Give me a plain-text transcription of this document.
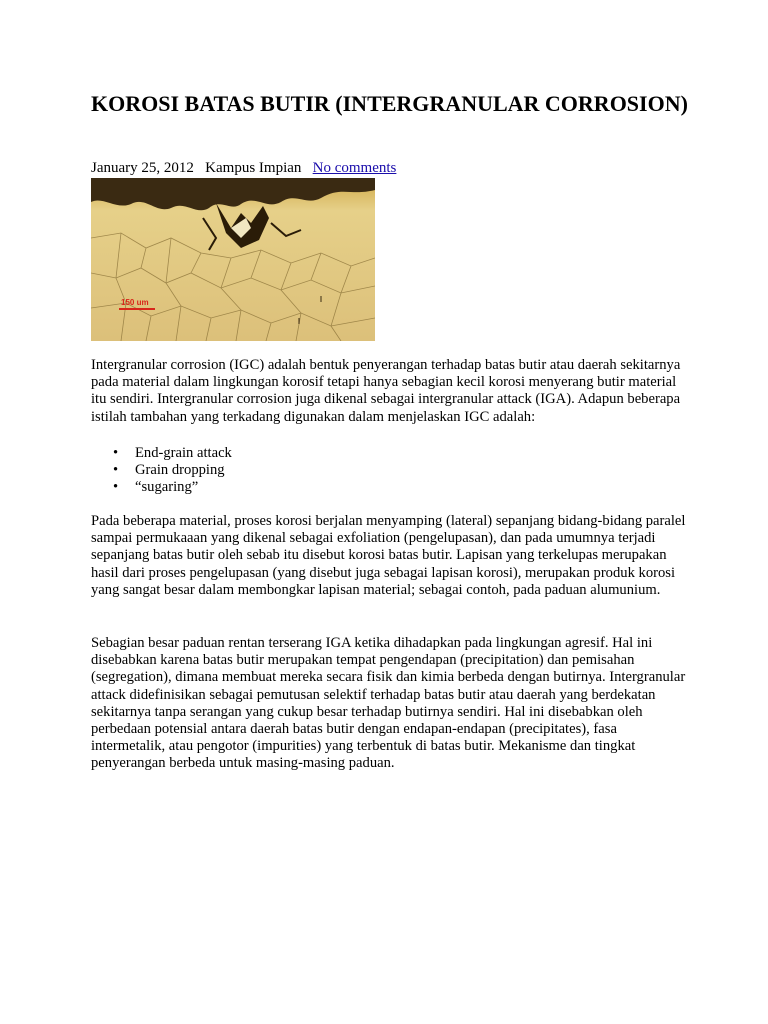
KOROSI BATAS BUTIR (INTERGRANULAR CORROSION)
January 25, 2012 Kampus Impian No comments
150 um

Intergranular corrosion (IGC) adalah bentuk penyerangan terhadap batas butir atau daerah sekitarnya pada material dalam lingkungan korosif tetapi hanya sebagian kecil korosi menyerang butir material itu sendiri. Intergranular corrosion juga dikenal sebagai intergranular attack (IGA). Adapun beberapa istilah tambahan yang terkadang digunakan dalam menjelaskan IGC adalah:

• End-grain attack
• Grain dropping
• “sugaring”

Pada beberapa material, proses korosi berjalan menyamping (lateral) sepanjang bidang-bidang paralel sampai permukaaan yang dikenal sebagai exfoliation (pengelupasan), dan pada umumnya terjadi sepanjang batas butir oleh sebab itu disebut korosi batas butir. Lapisan yang terkelupas merupakan hasil dari proses pengelupasan (yang disebut juga sebagai lapisan korosi), merupakan produk korosi yang sangat besar dalam membongkar lapisan material; sebagai contoh, pada paduan alumunium.

Sebagian besar paduan rentan terserang IGA ketika dihadapkan pada lingkungan agresif. Hal ini disebabkan karena batas butir merupakan tempat pengendapan (precipitation) dan pemisahan (segregation), dimana membuat mereka secara fisik dan kimia berbeda dengan butirnya. Intergranular attack didefinisikan sebagai pemutusan selektif terhadap batas butir atau daerah yang berdekatan sekitarnya tanpa serangan yang cukup besar terhadap butirnya sendiri. Hal ini disebabkan oleh perbedaan potensial antara daerah batas butir dengan endapan-endapan (precipitates), fasa intermetalik, atau pengotor (impurities) yang terbentuk di batas butir. Mekanisme dan tingkat penyerangan berbeda untuk masing-masing paduan.
